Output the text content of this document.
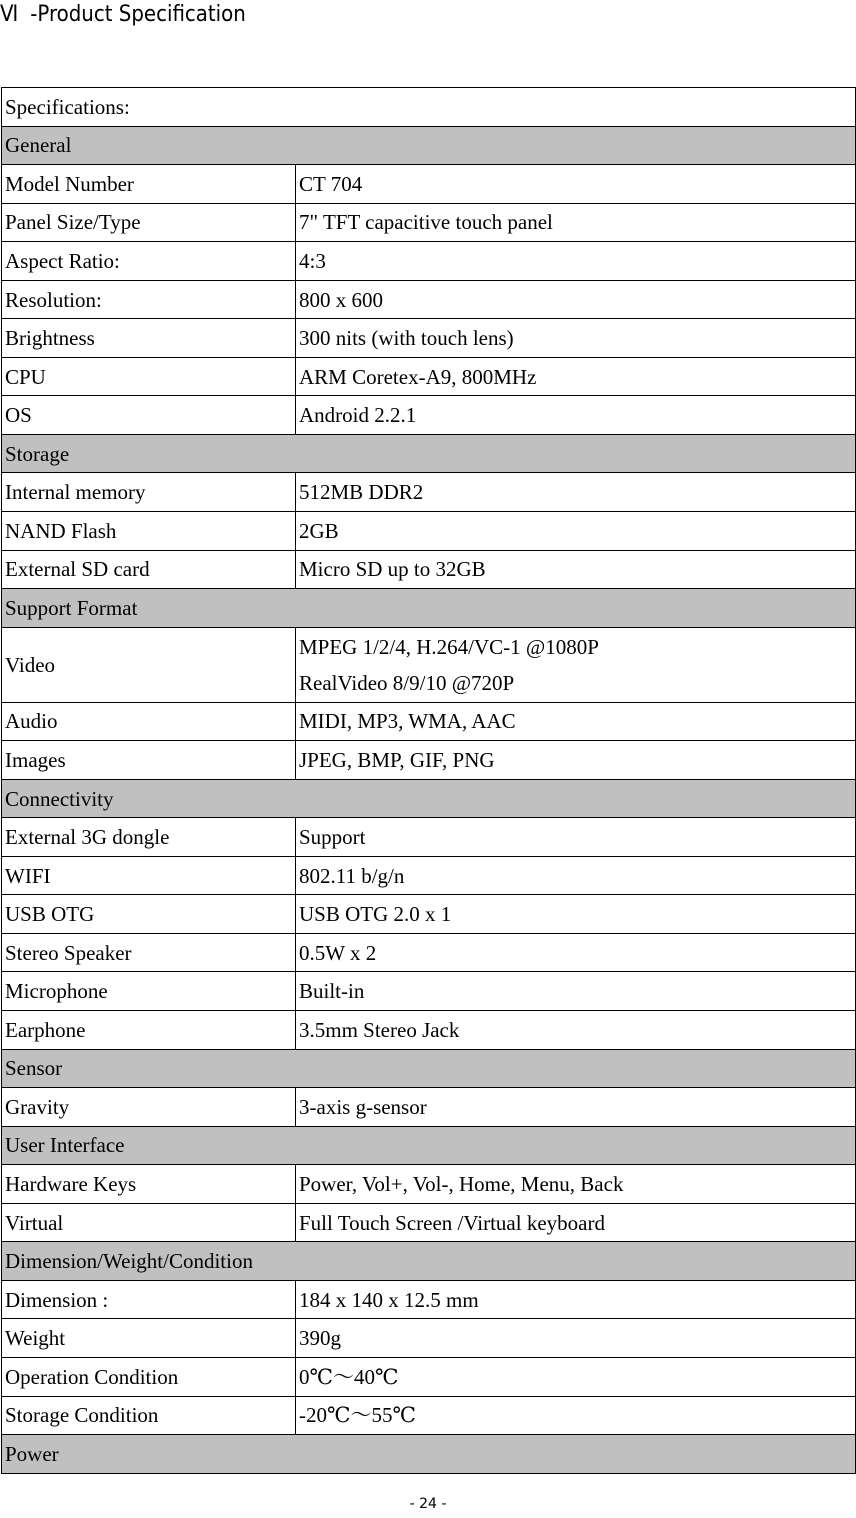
Ⅵ -Product Specification
Specifications:	
General	
Model Number	CT 704
Panel Size/Type	7" TFT capacitive touch panel
Aspect Ratio:	4:3
Resolution:	800 x 600
Brightness	300 nits (with touch lens)
CPU	ARM Coretex-A9, 800MHz
OS	Android 2.2.1
Storage	
Internal memory	512MB DDR2
NAND Flash	2GB
External SD card	Micro SD up to 32GB
Support Format	
Video	MPEG 1/2/4, H.264/VC-1 @1080P
RealVideo 8/9/10 @720P

Audio	MIDI, MP3, WMA, AAC
Images	JPEG, BMP, GIF, PNG
Connectivity	
External 3G dongle	Support
WIFI	802.11 b/g/n
USB OTG	USB OTG 2.0 x 1
Stereo Speaker	0.5W x 2
Microphone	Built-in
Earphone	3.5mm Stereo Jack
Sensor	
Gravity	3-axis g-sensor
User Interface	
Hardware Keys	Power, Vol+, Vol-, Home, Menu, Back
Virtual	Full Touch Screen /Virtual keyboard
Dimension/Weight/Condition	
Dimension :	184 x 140 x 12.5 mm
Weight	390g
Operation Condition	0℃～40℃
Storage Condition	-20℃～55℃
Power	
- 24 -
